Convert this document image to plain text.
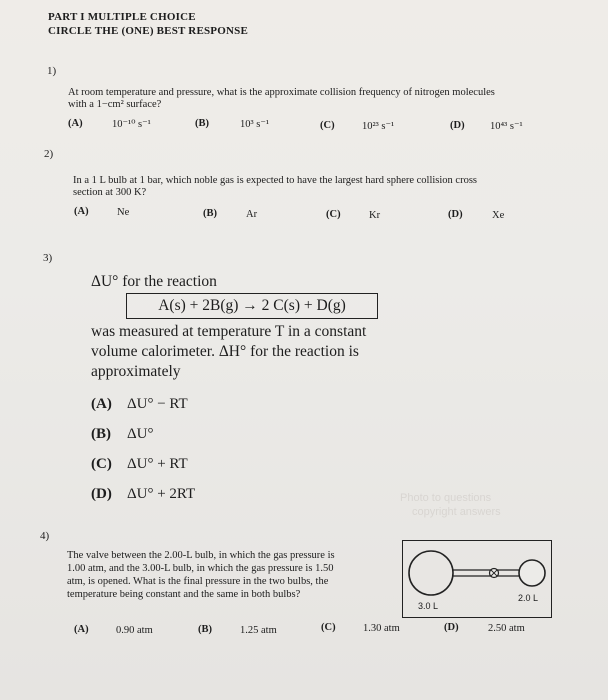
PART I MULTIPLE CHOICE
CIRCLE THE (ONE) BEST RESPONSE
1)
At room temperature and pressure, what is the approximate collision frequency of nitrogen molecules
with a 1−cm² surface?
(A)	10⁻¹⁰ s⁻¹	(B)	10³ s⁻¹	(C)	10²³ s⁻¹	(D) 10⁴³ s⁻¹
2)
In a 1 L bulb at 1 bar, which noble gas is expected to have the largest hard sphere collision cross
section at 300 K?
(A)	Ne	(B)	Ar	(C)	Kr	(D)	Xe
3)
ΔU° for the reaction
A(s) + 2B(g) → 2 C(s) + D(g)
was measured at temperature T in a constant
volume calorimeter. ΔH° for the reaction is
approximately
(A) ΔU° − RT
(B) ΔU°
(C) ΔU° + RT
(D) ΔU° + 2RT	Photo to questions
copyright answers
4)
The valve between the 2.00-L bulb, in which the gas pressure is
1.00 atm, and the 3.00-L bulb, in which the gas pressure is 1.50
atm, is opened. What is the final pressure in the two bulbs, the
temperature being constant and the same in both bulbs?
3.0 L
2.0 L
(A)	0.90 atm	(B)	1.25 atm	(C)	1.30 atm	(D)	2.50 atm
